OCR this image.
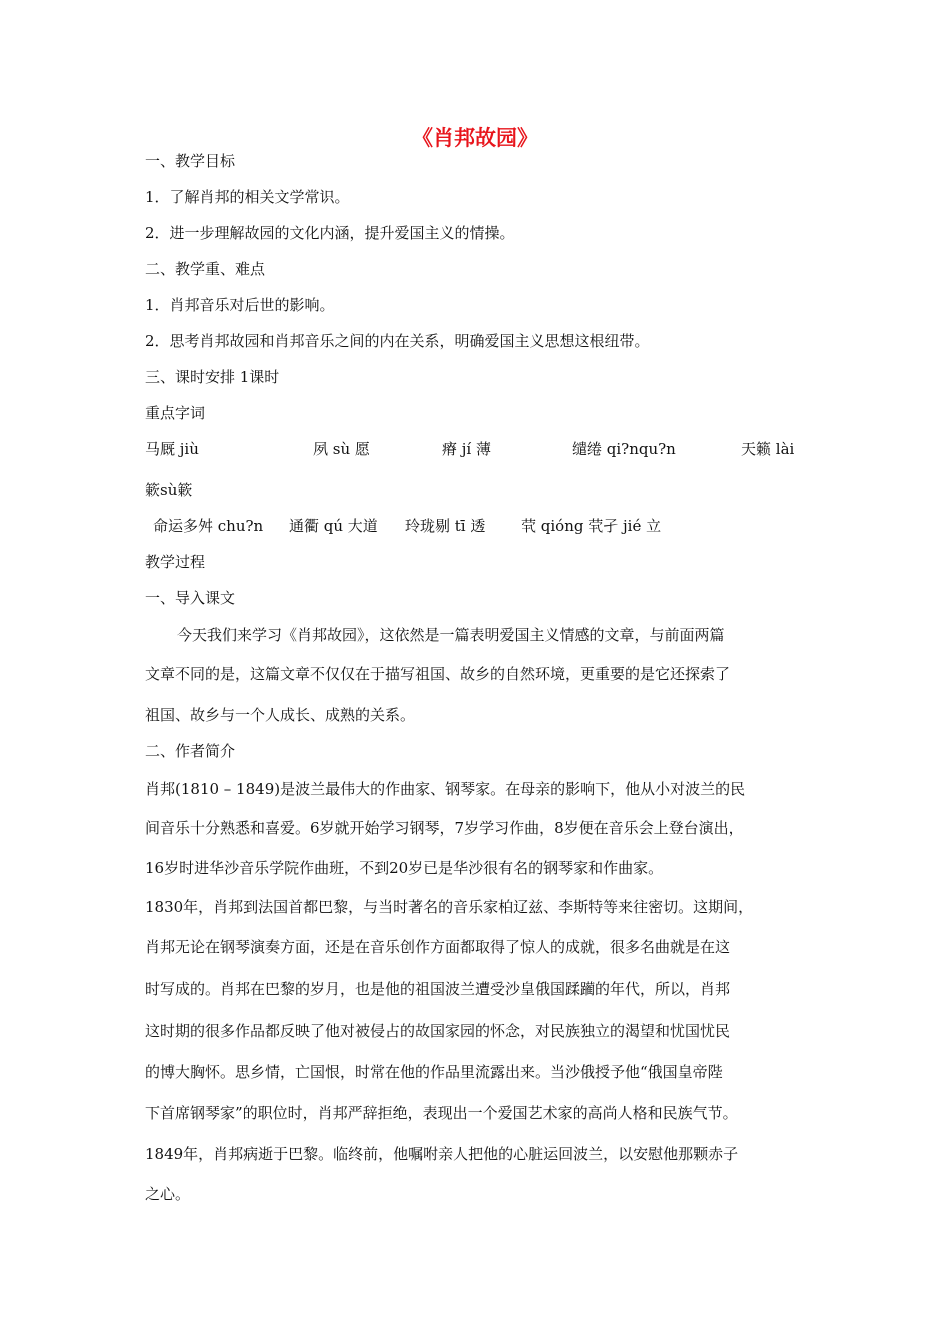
《肖邦故园》
一、教学目标
1．了解肖邦的相关文学常识。
2．进一步理解故园的文化内涵，提升爱国主义的情操。
二、教学重、难点
1．肖邦音乐对后世的影响。
2．思考肖邦故园和肖邦音乐之间的内在关系，明确爱国主义思想这根纽带。
三、课时安排 1课时
重点字词
马厩 jiù	夙 sù 愿	瘠 jí 薄	缱绻 qi?nqu?n	天籁 lài
簌sù簌
命运多舛 chu?n 通衢 qú 大道 玲珑剔 tī 透 茕 qióng 茕孑 jié 立
教学过程
一、导入课文
今天我们来学习《肖邦故园》，这依然是一篇表明爱国主义情感的文章，与前面两篇
文章不同的是，这篇文章不仅仅在于描写祖国、故乡的自然环境，更重要的是它还探索了
祖国、故乡与一个人成长、成熟的关系。
二、作者简介
肖邦(1810 – 1849)是波兰最伟大的作曲家、钢琴家。在母亲的影响下，他从小对波兰的民
间音乐十分熟悉和喜爱。6岁就开始学习钢琴，7岁学习作曲，8岁便在音乐会上登台演出，
16岁时进华沙音乐学院作曲班，不到20岁已是华沙很有名的钢琴家和作曲家。
1830年，肖邦到法国首都巴黎，与当时著名的音乐家柏辽兹、李斯特等来往密切。这期间，
肖邦无论在钢琴演奏方面，还是在音乐创作方面都取得了惊人的成就，很多名曲就是在这
时写成的。肖邦在巴黎的岁月，也是他的祖国波兰遭受沙皇俄国蹂躏的年代，所以，肖邦
这时期的很多作品都反映了他对被侵占的故国家园的怀念，对民族独立的渴望和忧国忧民
的博大胸怀。思乡情，亡国恨，时常在他的作品里流露出来。当沙俄授予他“俄国皇帝陛
下首席钢琴家”的职位时，肖邦严辞拒绝，表现出一个爱国艺术家的高尚人格和民族气节。
1849年，肖邦病逝于巴黎。临终前，他嘱咐亲人把他的心脏运回波兰，以安慰他那颗赤子
之心。
